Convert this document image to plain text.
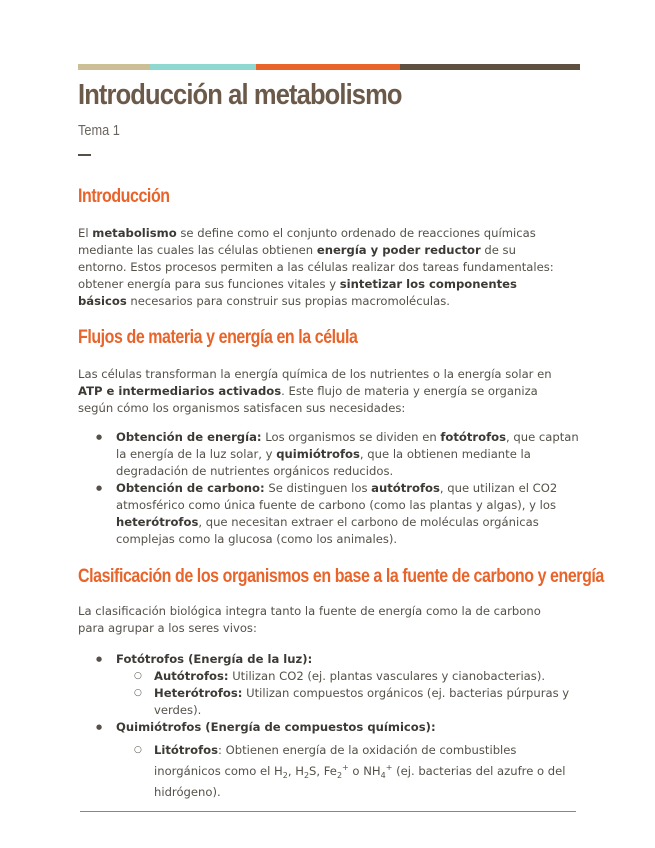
Introducción al metabolismo
Tema 1
Introducción

El metabolismo se define como el conjunto ordenado de reacciones químicas mediante las cuales las células obtienen energía y poder reductor de su entorno. Estos procesos permiten a las células realizar dos tareas fundamentales: obtener energía para sus funciones vitales y sintetizar los componentes básicos necesarios para construir sus propias macromoléculas.

Flujos de materia y energía en la célula

Las células transforman la energía química de los nutrientes o la energía solar en ATP e intermediarios activados. Este flujo de materia y energía se organiza según cómo los organismos satisfacen sus necesidades:

● Obtención de energía: Los organismos se dividen en fotótrofos, que captan la energía de la luz solar, y quimiótrofos, que la obtienen mediante la degradación de nutrientes orgánicos reducidos.
● Obtención de carbono: Se distinguen los autótrofos, que utilizan el CO2 atmosférico como única fuente de carbono (como las plantas y algas), y los heterótrofos, que necesitan extraer el carbono de moléculas orgánicas complejas como la glucosa (como los animales).
Clasificación de los organismos en base a la fuente de carbono y energía

La clasificación biológica integra tanto la fuente de energía como la de carbono para agrupar a los seres vivos:

● Fotótrofos (Energía de la luz):
○ Autótrofos: Utilizan CO2 (ej. plantas vasculares y cianobacterias).
○ Heterótrofos: Utilizan compuestos orgánicos (ej. bacterias púrpuras y verdes).
● Quimiótrofos (Energía de compuestos químicos):
○ Litótrofos: Obtienen energía de la oxidación de combustibles inorgánicos como el $H_2$, $H_2S$, $Fe_2^+$ o $NH_4^+$ (ej. bacterias del azufre o del hidrógeno).
